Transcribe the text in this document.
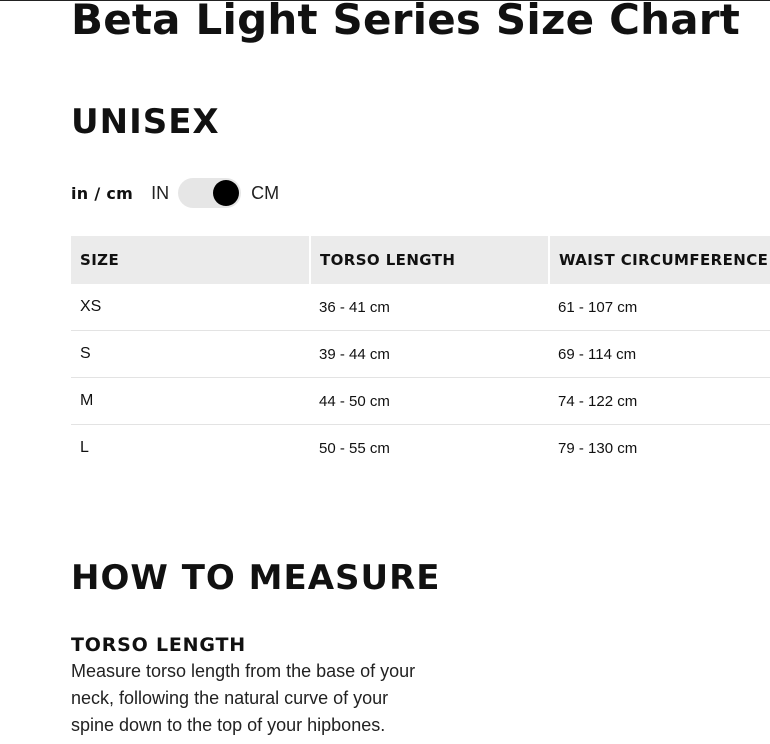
Beta Light Series Size Chart
UNISEX
in / cm IN	CM
SIZE	TORSO LENGTH	WAIST CIRCUMFERENCE
XS	36 - 41 cm	61 - 107 cm
S	39 - 44 cm	69 - 114 cm
M	44 - 50 cm	74 - 122 cm
L	50 - 55 cm	79 - 130 cm
HOW TO MEASURE
TORSO LENGTH

Measure torso length from the base of your neck, following the natural curve of your spine down to the top of your hipbones.
